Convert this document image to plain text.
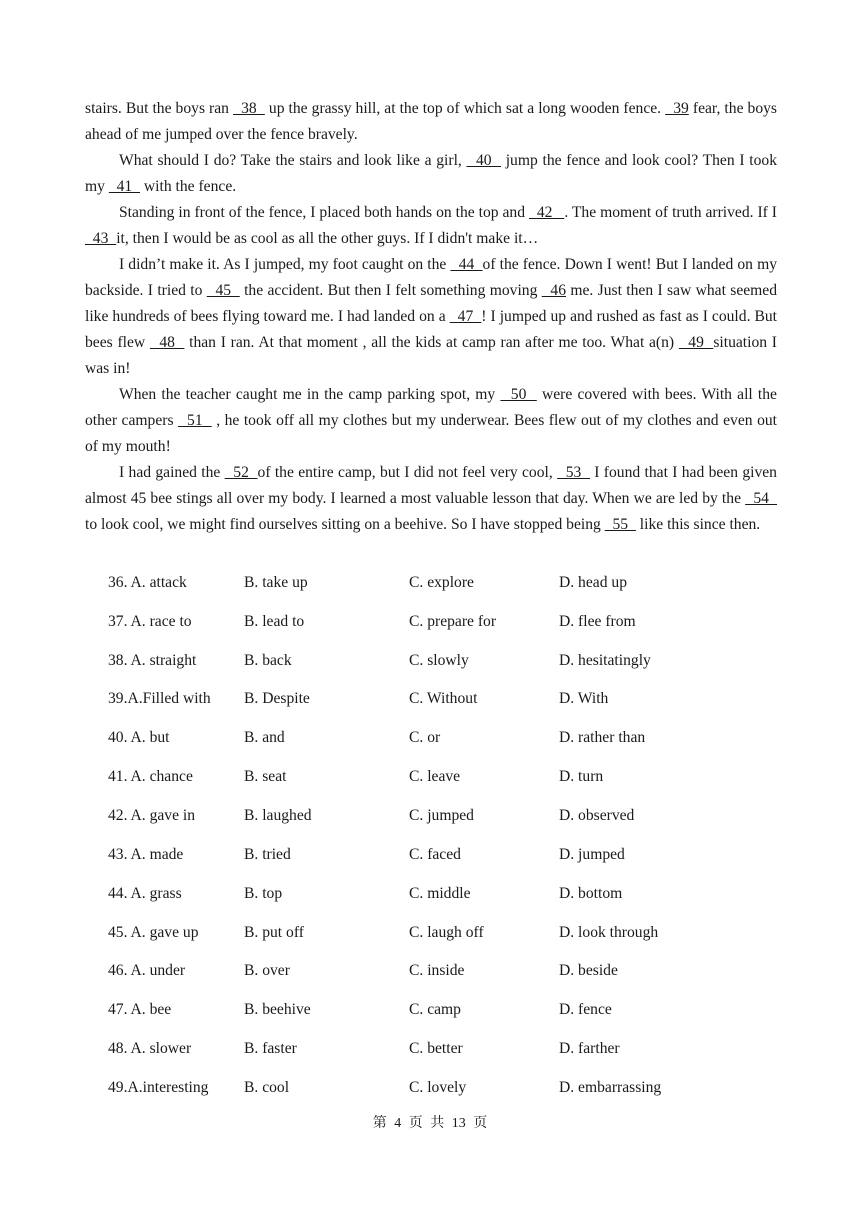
stairs. But the boys ran   38   up the grassy hill, at the top of which sat a long wooden fence.   39 fear, the boys ahead of me jumped over the fence bravely.

What should I do? Take the stairs and look like a girl,   40   jump the fence and look cool? Then I took my   41   with the fence.

Standing in front of the fence, I placed both hands on the top and   42   . The moment of truth arrived. If I   43  it, then I would be as cool as all the other guys. If I didn't make it…

I didn’t make it. As I jumped, my foot caught on the   44  of the fence. Down I went! But I landed on my backside. I tried to   45   the accident. But then I felt something moving   46 me. Just then I saw what seemed like hundreds of bees flying toward me. I had landed on a   47  ! I jumped up and rushed as fast as I could. But bees flew   48   than I ran. At that moment , all the kids at camp ran after me too. What a(n)   49  situation I was in!

When the teacher caught me in the camp parking spot, my   50   were covered with bees. With all the other campers   51   , he took off all my clothes but my underwear. Bees flew out of my clothes and even out of my mouth!

I had gained the   52  of the entire camp, but I did not feel very cool,   53   I found that I had been given almost 45 bee stings all over my body. I learned a most valuable lesson that day. When we are led by the   54   to look cool, we might find ourselves sitting on a beehive. So I have stopped being   55   like this since then.

36. A. attack	B. take up	C. explore	D. head up
37. A. race to	B. lead to	C. prepare for	D. flee from
38. A. straight	B. back	C. slowly	D. hesitatingly
39.A.Filled with B. Despite	C. Without	D. With
40. A. but	B. and	C. or	D. rather than
41. A. chance	B. seat	C. leave	D. turn
42. A. gave in	B. laughed	C. jumped	D. observed
43. A. made	B. tried	C. faced	D. jumped
44. A. grass	B. top	C. middle	D. bottom
45. A. gave up	B. put off	C. laugh off	D. look through
46. A. under	B. over	C. inside	D. beside
47. A. bee	B. beehive	C. camp	D. fence
48. A. slower	B. faster	C. better	D. farther
49.A.interesting B. cool	C. lovely	D. embarrassing
第 4 页 共 13 页
